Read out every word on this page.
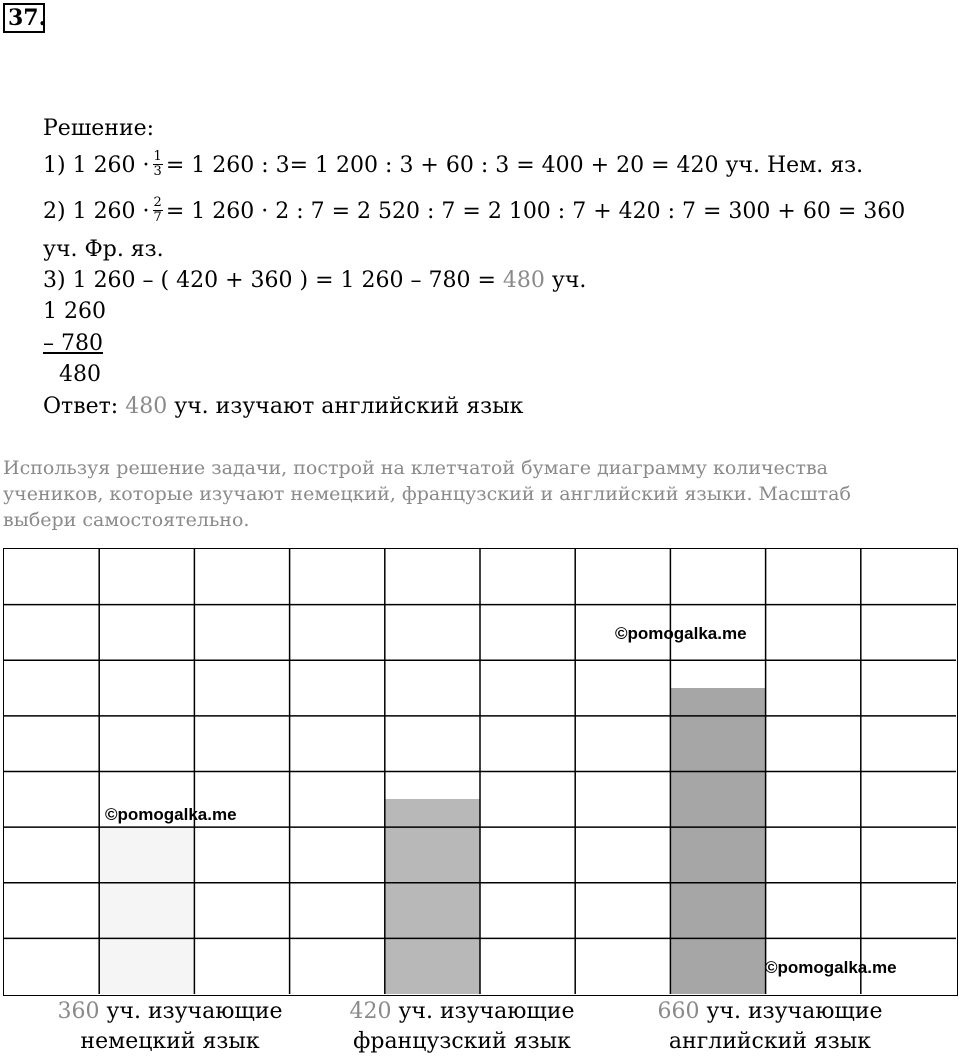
37.
Решение:
1) 1 $260 \cdot \frac{1}{3} = 1$ 260 : 3= 1 200 : 3 + 60 : 3 = 400 + 20 = 420 уч. Нем. яз.
2) 1 $260 \cdot \frac{2}{7} = 1$ 260 · 2 : 7 = 2 520 : 7 = 2 100 : 7 + 420 : 7 = 300 + 60 = 360
уч. Фр. яз.
3) 1 260 – ( 420 + 360 ) = 1 260 – 780 = 480 уч.
1 260
– 780
480
Ответ: 480 уч. изучают английский язык
Используя решение задачи, построй на клетчатой бумаге диаграмму количества учеников, которые изучают немецкий, французский и английский языки. Масштаб выбери самостоятельно.
©pomogalka.me
©pomogalka.me
©pomogalka.me
360 уч. изучающие
немецкий язык
420 уч. изучающие
французский язык
660 уч. изучающие
английский язык
